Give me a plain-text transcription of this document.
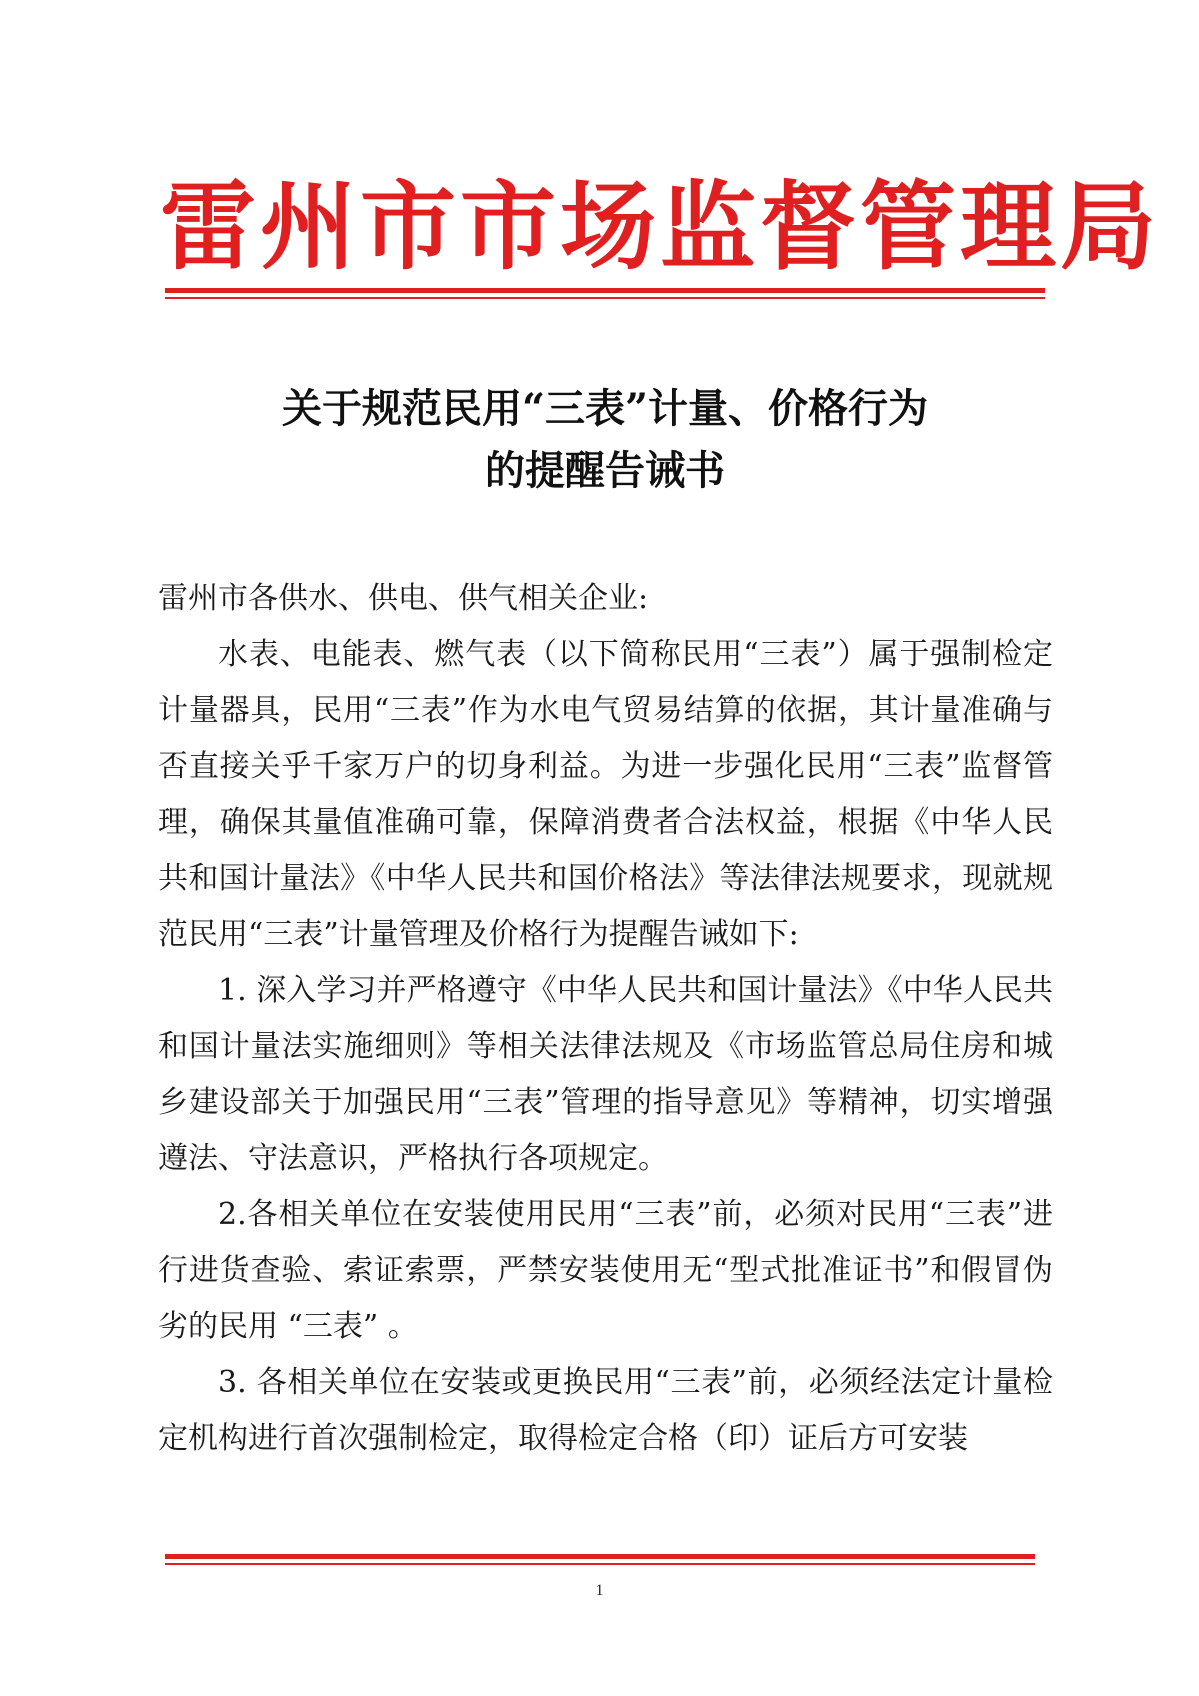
雷州市市场监督管理局
关于规范民用“三表”计量、价格行为
的提醒告诫书

雷州市各供水、供电、供气相关企业:

水表、电能表、燃气表（以下简称民用“三表”）属于强制检定计量器具，民用“三表”作为水电气贸易结算的依据，其计量准确与否直接关乎千家万户的切身利益。为进一步强化民用“三表”监督管理，确保其量值准确可靠，保障消费者合法权益，根据《中华人民共和国计量法》《中华人民共和国价格法》等法律法规要求，现就规范民用“三表”计量管理及价格行为提醒告诫如下:

1. 深入学习并严格遵守《中华人民共和国计量法》《中华人民共和国计量法实施细则》等相关法律法规及《市场监管总局住房和城乡建设部关于加强民用“三表”管理的指导意见》等精神，切实增强遵法、守法意识，严格执行各项规定。

2.各相关单位在安装使用民用“三表”前，必须对民用“三表”进行进货查验、索证索票，严禁安装使用无“型式批准证书”和假冒伪劣的民用 “三表” 。

3. 各相关单位在安装或更换民用“三表”前，必须经法定计量检定机构进行首次强制检定，取得检定合格（印）证后方可安装

1
